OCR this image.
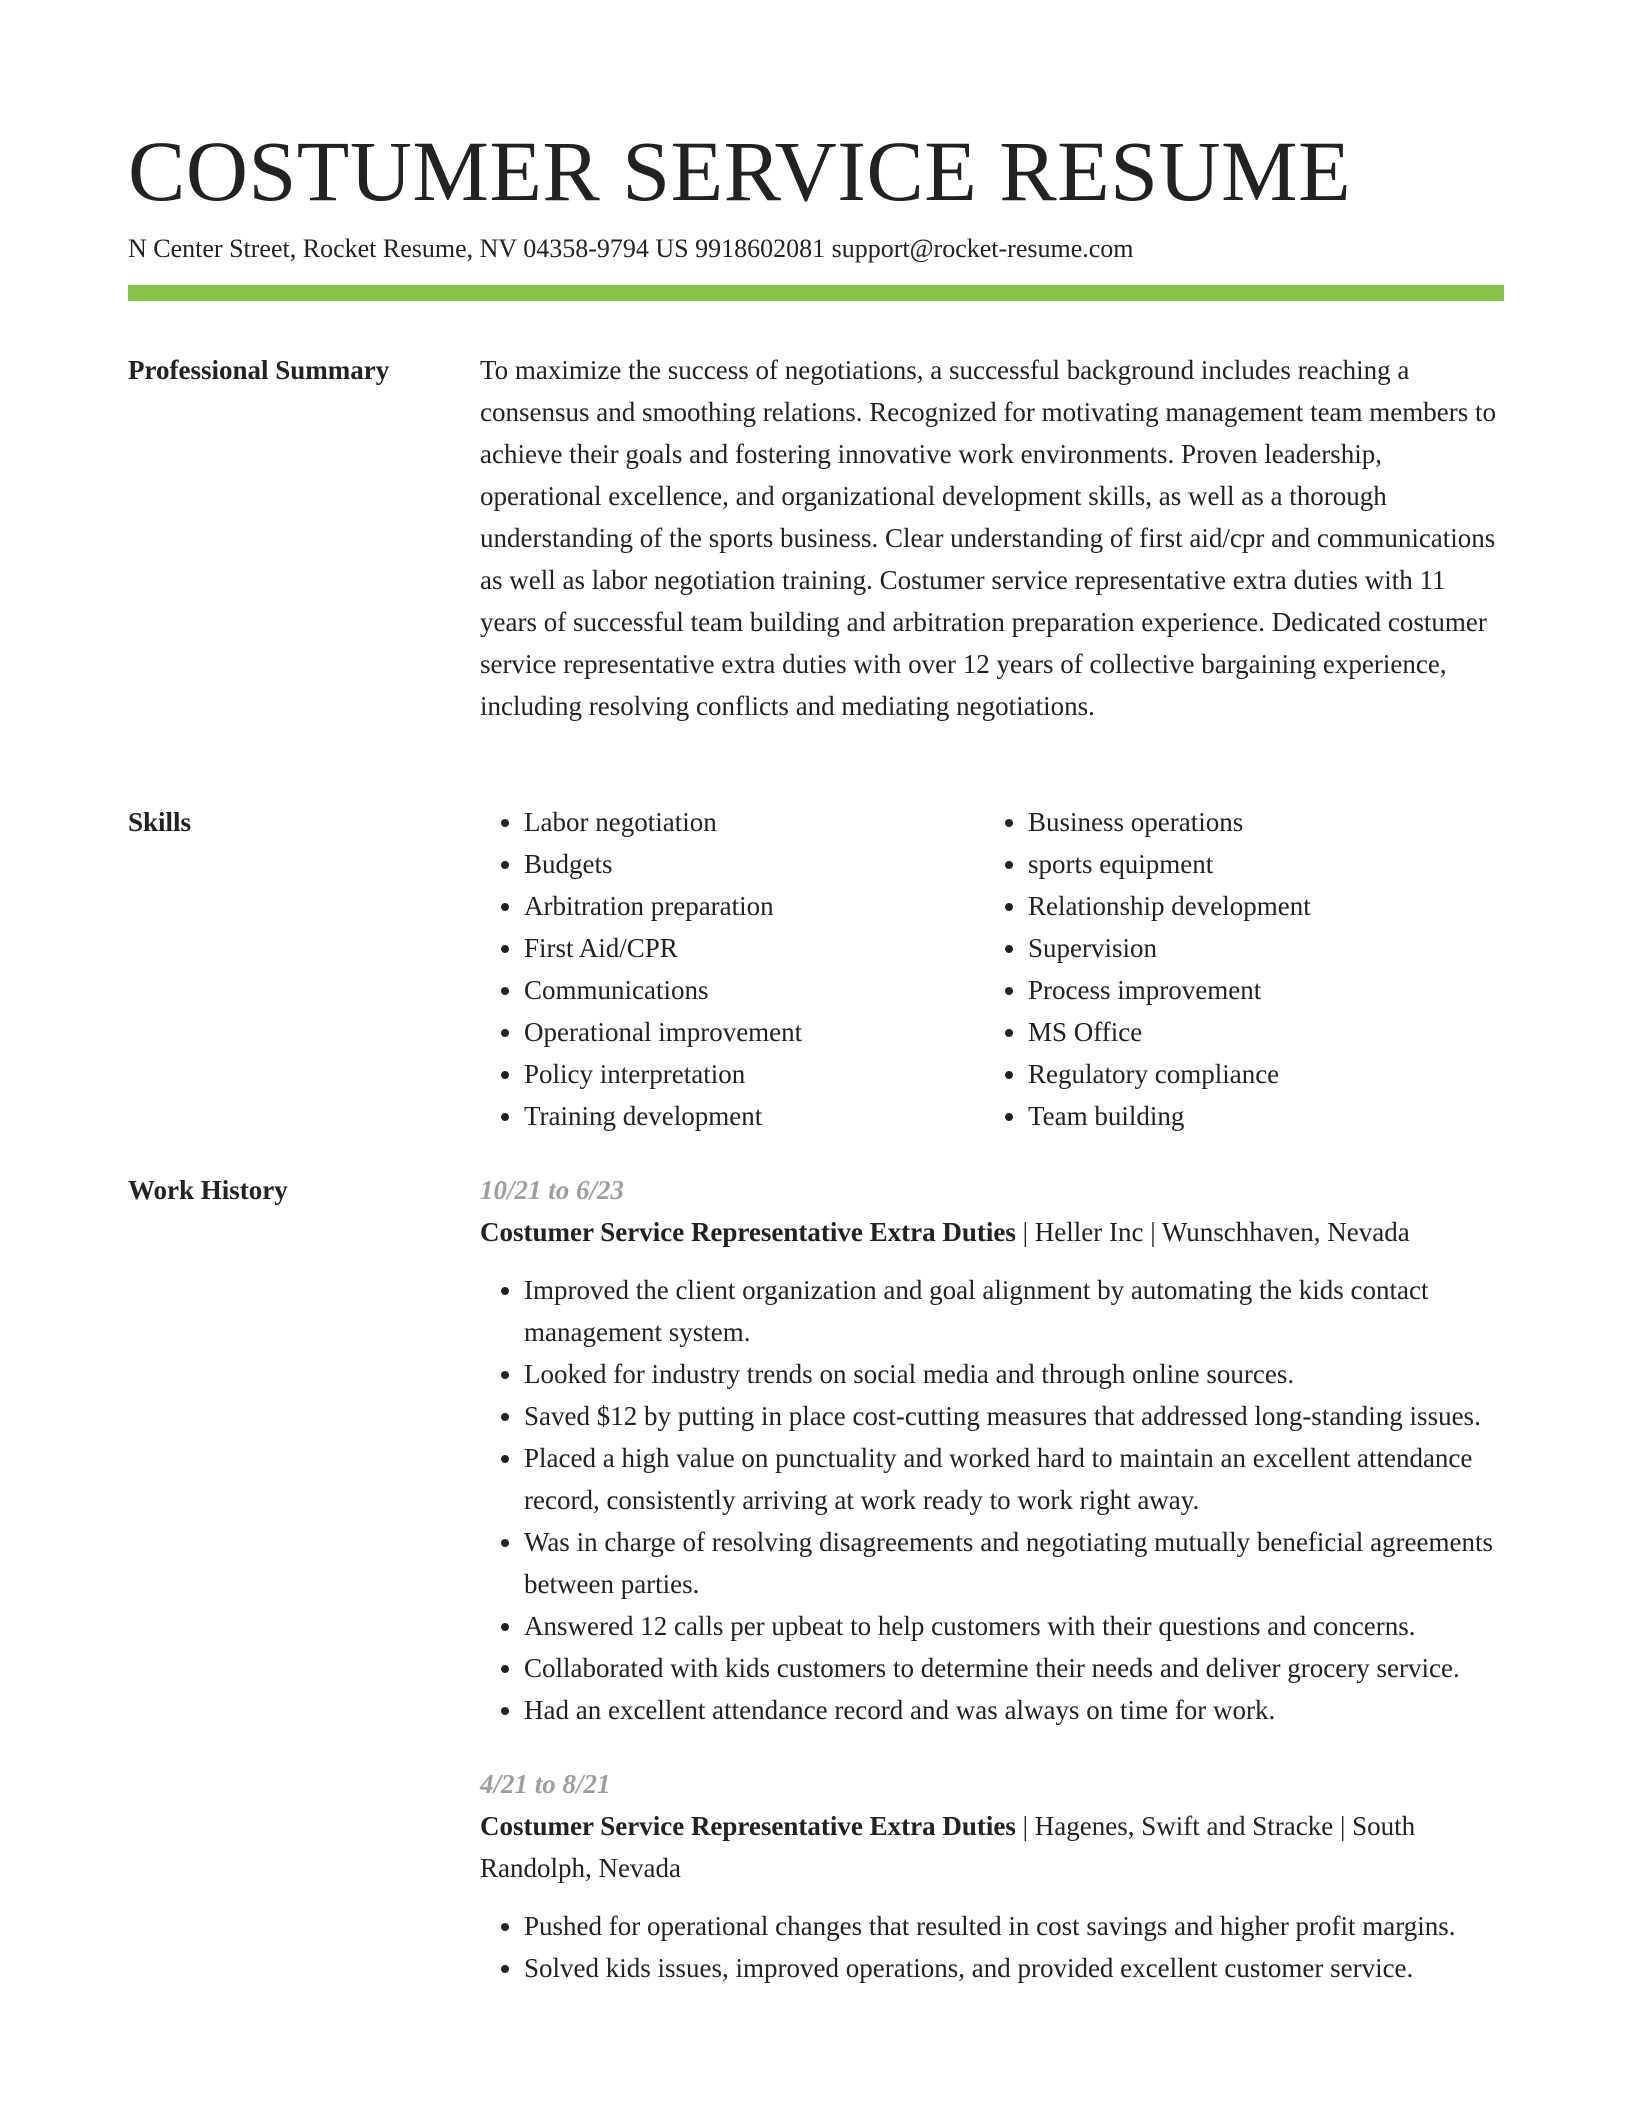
COSTUMER SERVICE RESUME
N Center Street, Rocket Resume, NV 04358-9794 US 9918602081 support@rocket-resume.com
Professional Summary	To maximize the success of negotiations, a successful background includes reaching a consensus and smoothing relations. Recognized for motivating management team members to achieve their goals and fostering innovative work environments. Proven leadership, operational excellence, and organizational development skills, as well as a thorough understanding of the sports business. Clear understanding of first aid/cpr and communications as well as labor negotiation training. Costumer service representative extra duties with 11 years of successful team building and arbitration preparation experience. Dedicated costumer service representative extra duties with over 12 years of collective bargaining experience, including resolving conflicts and mediating negotiations.

Skills
•	Labor negotiation
• Budgets
• Arbitration preparation
• First Aid/CPR
• Communications
• Operational improvement
• Policy interpretation
• Training development
• Business operations
• sports equipment
• Relationship development
• Supervision
• Process improvement
• MS Office
• Regulatory compliance
• Team building
Work History	10/21 to 6/23

Costumer Service Representative Extra Duties | Heller Inc | Wunschhaven, Nevada

• Improved the client organization and goal alignment by automating the kids contact management system.
• Looked for industry trends on social media and through online sources.
• Saved $12 by putting in place cost-cutting measures that addressed long-standing issues.
• Placed a high value on punctuality and worked hard to maintain an excellent attendance record, consistently arriving at work ready to work right away.
• Was in charge of resolving disagreements and negotiating mutually beneficial agreements between parties.
• Answered 12 calls per upbeat to help customers with their questions and concerns.
• Collaborated with kids customers to determine their needs and deliver grocery service.
• Had an excellent attendance record and was always on time for work.

4/21 to 8/21

Costumer Service Representative Extra Duties | Hagenes, Swift and Stracke | South Randolph, Nevada

• Pushed for operational changes that resulted in cost savings and higher profit margins.
• Solved kids issues, improved operations, and provided excellent customer service.
